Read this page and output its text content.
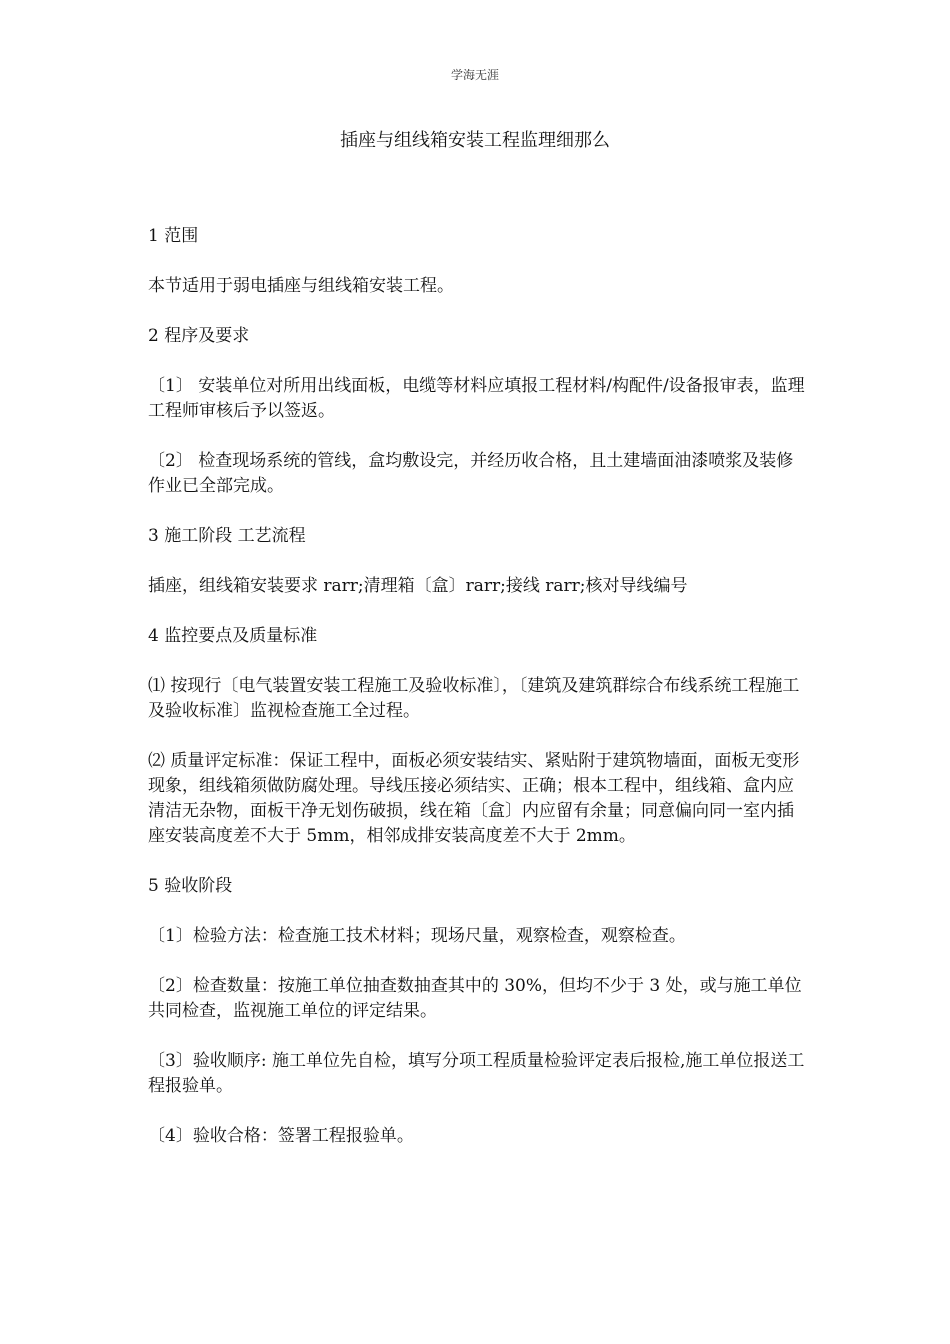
学海无涯
插座与组线箱安装工程监理细那么

1 范围

本节适用于弱电插座与组线箱安装工程。

2 程序及要求

〔1〕 安装单位对所用出线面板，电缆等材料应填报工程材料/构配件/设备报审表，监理工程师审核后予以签返。

〔2〕 检查现场系统的管线，盒均敷设完，并经历收合格，且土建墙面油漆喷浆及装修作业已全部完成。

3 施工阶段 工艺流程

插座，组线箱安装要求 rarr;清理箱〔盒〕rarr;接线 rarr;核对导线编号

4 监控要点及质量标准

⑴ 按现行〔电气装置安装工程施工及验收标准〕，〔建筑及建筑群综合布线系统工程施工及验收标准〕监视检查施工全过程。

⑵ 质量评定标准：保证工程中，面板必须安装结实、紧贴附于建筑物墙面，面板无变形现象，组线箱须做防腐处理。导线压接必须结实、正确；根本工程中，组线箱、盒内应清洁无杂物，面板干净无划伤破损，线在箱〔盒〕内应留有余量；同意偏向同一室内插座安装高度差不大于 5mm，相邻成排安装高度差不大于 2mm。

5 验收阶段

〔1〕检验方法：检查施工技术材料；现场尺量，观察检查，观察检查。

〔2〕检查数量：按施工单位抽查数抽查其中的 30%，但均不少于 3 处，或与施工单位共同检查，监视施工单位的评定结果。

〔3〕验收顺序: 施工单位先自检，填写分项工程质量检验评定表后报检,施工单位报送工程报验单。

〔4〕验收合格：签署工程报验单。
